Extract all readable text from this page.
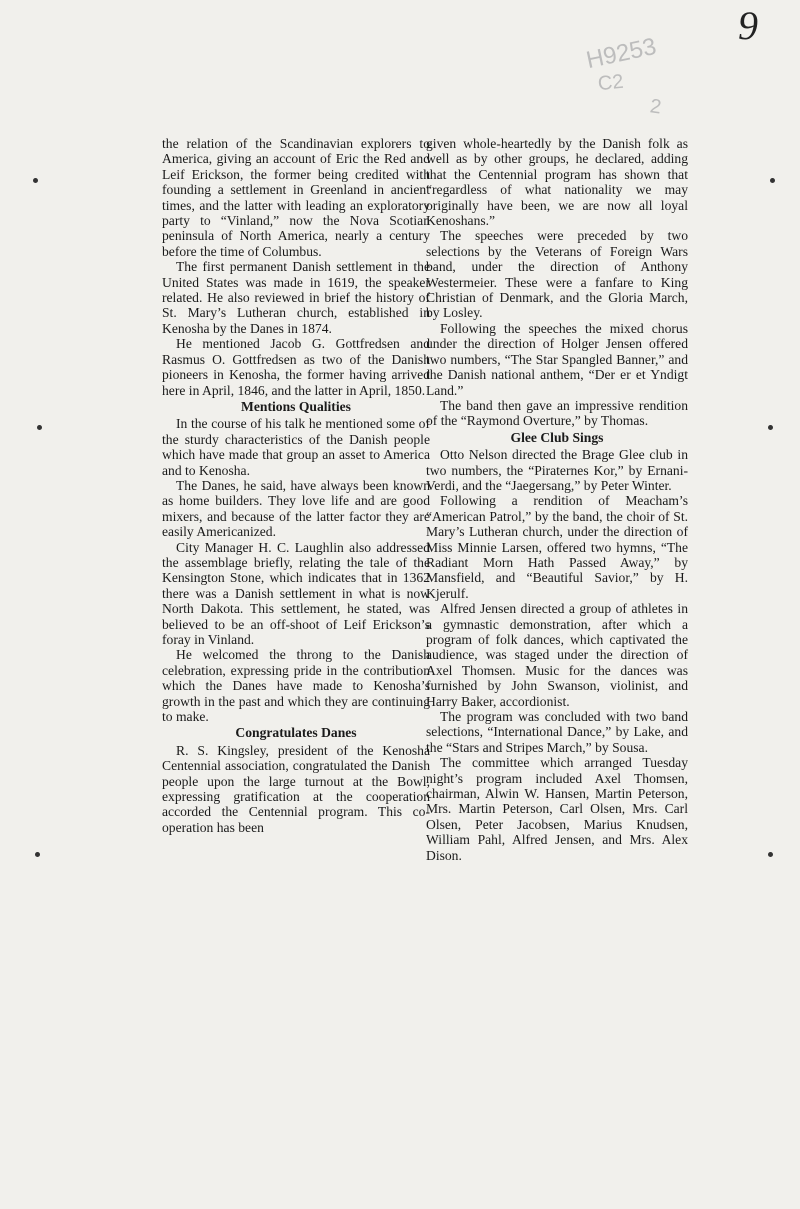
9
H9253
C2
2

the relation of the Scandinavian explorers to America, giving an account of Eric the Red and Leif Erickson, the former being credited with founding a settlement in Greenland in ancient times, and the latter with leading an exploratory party to “Vinland,” now the Nova Scotian peninsula of North America, nearly a century before the time of Columbus.

The first permanent Danish settlement in the United States was made in 1619, the speaker related. He also reviewed in brief the history of St. Mary’s Lutheran church, established in Kenosha by the Danes in 1874.

He mentioned Jacob G. Gottfredsen and Rasmus O. Gottfredsen as two of the Danish pioneers in Kenosha, the former having arrived here in April, 1846, and the latter in April, 1850.

Mentions Qualities

In the course of his talk he mentioned some of the sturdy characteristics of the Danish people which have made that group an asset to America and to Kenosha.

The Danes, he said, have always been known as home builders. They love life and are good mixers, and because of the latter factor they are easily Americanized.

City Manager H. C. Laughlin also addressed the assemblage briefly, relating the tale of the Kensington Stone, which indicates that in 1362 there was a Danish settlement in what is now North Dakota. This settlement, he stated, was believed to be an off-shoot of Leif Erickson’s foray in Vinland.

He welcomed the throng to the Danish celebration, expressing pride in the contribution which the Danes have made to Kenosha’s growth in the past and which they are continuing to make.

Congratulates Danes

R. S. Kingsley, president of the Kenosha Centennial association, congratulated the Danish people upon the large turnout at the Bowl, expressing gratification at the cooperation accorded the Centennial program. This co-operation has been

given whole-heartedly by the Danish folk as well as by other groups, he declared, adding that the Centennial program has shown that “regardless of what nationality we may originally have been, we are now all loyal Kenoshans.”

The speeches were preceded by two selections by the Veterans of Foreign Wars band, under the direction of Anthony Westermeier. These were a fanfare to King Christian of Denmark, and the Gloria March, by Losley.

Following the speeches the mixed chorus under the direction of Holger Jensen offered two numbers, “The Star Spangled Banner,” and the Danish national anthem, “Der er et Yndigt Land.”

The band then gave an impressive rendition of the “Raymond Overture,” by Thomas.

Glee Club Sings

Otto Nelson directed the Brage Glee club in two numbers, the “Piraternes Kor,” by Ernani-Verdi, and the “Jaegersang,” by Peter Winter.

Following a rendition of Meacham’s “American Patrol,” by the band, the choir of St. Mary’s Lutheran church, under the direction of Miss Minnie Larsen, offered two hymns, “The Radiant Morn Hath Passed Away,” by Mansfield, and “Beautiful Savior,” by H. Kjerulf.

Alfred Jensen directed a group of athletes in a gymnastic demonstration, after which a program of folk dances, which captivated the audience, was staged under the direction of Axel Thomsen. Music for the dances was furnished by John Swanson, violinist, and Harry Baker, accordionist.

The program was concluded with two band selections, “International Dance,” by Lake, and the “Stars and Stripes March,” by Sousa.

The committee which arranged Tuesday night’s program included Axel Thomsen, chairman, Alwin W. Hansen, Martin Peterson, Mrs. Martin Peterson, Carl Olsen, Mrs. Carl Olsen, Peter Jacobsen, Marius Knudsen, William Pahl, Alfred Jensen, and Mrs. Alex Dison.
